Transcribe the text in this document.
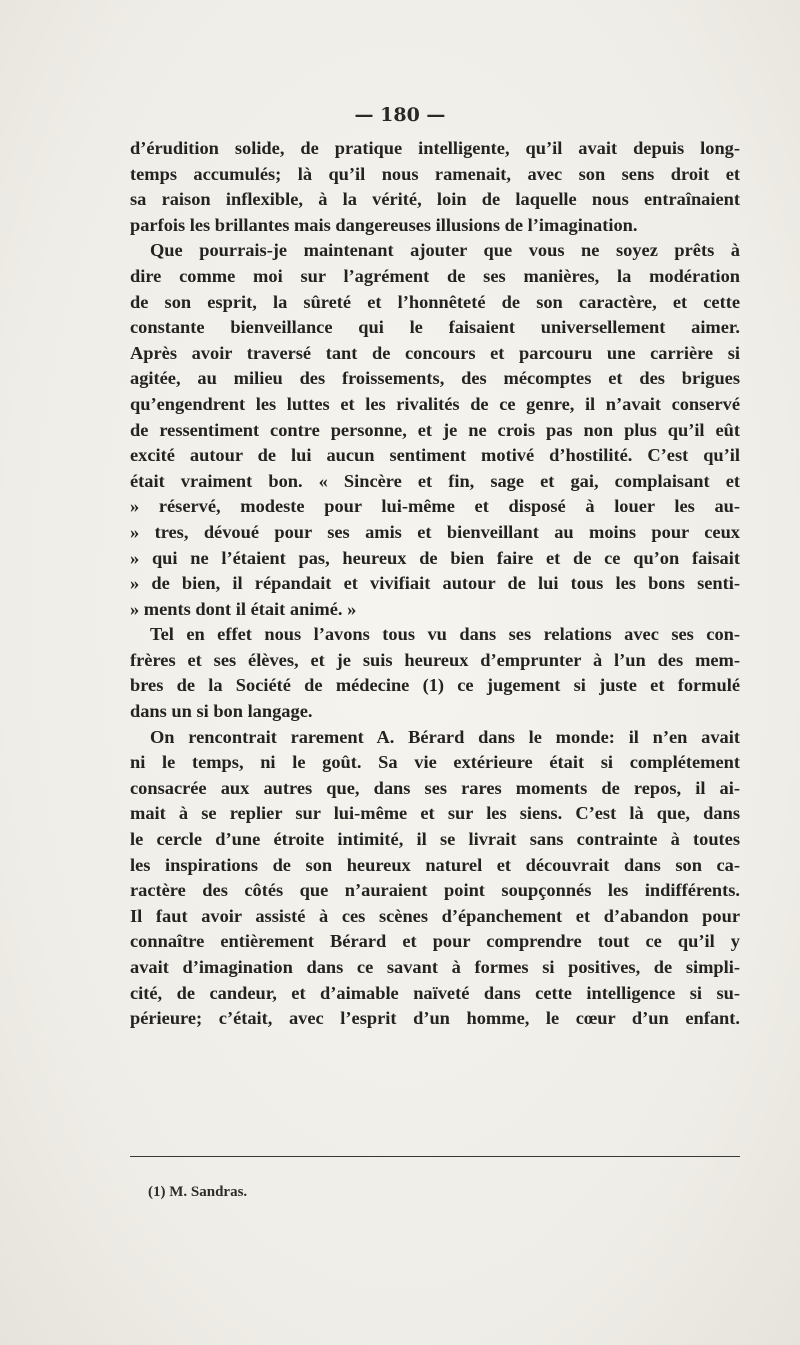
— 180 —
d’érudition solide, de pratique intelligente, qu’il avait depuis long-
temps accumulés; là qu’il nous ramenait, avec son sens droit et
sa raison inflexible, à la vérité, loin de laquelle nous entraînaient
parfois les brillantes mais dangereuses illusions de l’imagination.
Que pourrais-je maintenant ajouter que vous ne soyez prêts à
dire comme moi sur l’agrément de ses manières, la modération
de son esprit, la sûreté et l’honnêteté de son caractère, et cette
constante bienveillance qui le faisaient universellement aimer.
Après avoir traversé tant de concours et parcouru une carrière si
agitée, au milieu des froissements, des mécomptes et des brigues
qu’engendrent les luttes et les rivalités de ce genre, il n’avait conservé
de ressentiment contre personne, et je ne crois pas non plus qu’il eût
excité autour de lui aucun sentiment motivé d’hostilité. C’est qu’il
était vraiment bon. « Sincère et fin, sage et gai, complaisant et
» réservé, modeste pour lui-même et disposé à louer les au-
» tres, dévoué pour ses amis et bienveillant au moins pour ceux
» qui ne l’étaient pas, heureux de bien faire et de ce qu’on faisait
» de bien, il répandait et vivifiait autour de lui tous les bons senti-
» ments dont il était animé. »
Tel en effet nous l’avons tous vu dans ses relations avec ses con-
frères et ses élèves, et je suis heureux d’emprunter à l’un des mem-
bres de la Société de médecine (1) ce jugement si juste et formulé
dans un si bon langage.
On rencontrait rarement A. Bérard dans le monde: il n’en avait
ni le temps, ni le goût. Sa vie extérieure était si complétement
consacrée aux autres que, dans ses rares moments de repos, il ai-
mait à se replier sur lui-même et sur les siens. C’est là que, dans
le cercle d’une étroite intimité, il se livrait sans contrainte à toutes
les inspirations de son heureux naturel et découvrait dans son ca-
ractère des côtés que n’auraient point soupçonnés les indifférents.
Il faut avoir assisté à ces scènes d’épanchement et d’abandon pour
connaître entièrement Bérard et pour comprendre tout ce qu’il y
avait d’imagination dans ce savant à formes si positives, de simpli-
cité, de candeur, et d’aimable naïveté dans cette intelligence si su-
périeure; c’était, avec l’esprit d’un homme, le cœur d’un enfant.
(1) M. Sandras.
